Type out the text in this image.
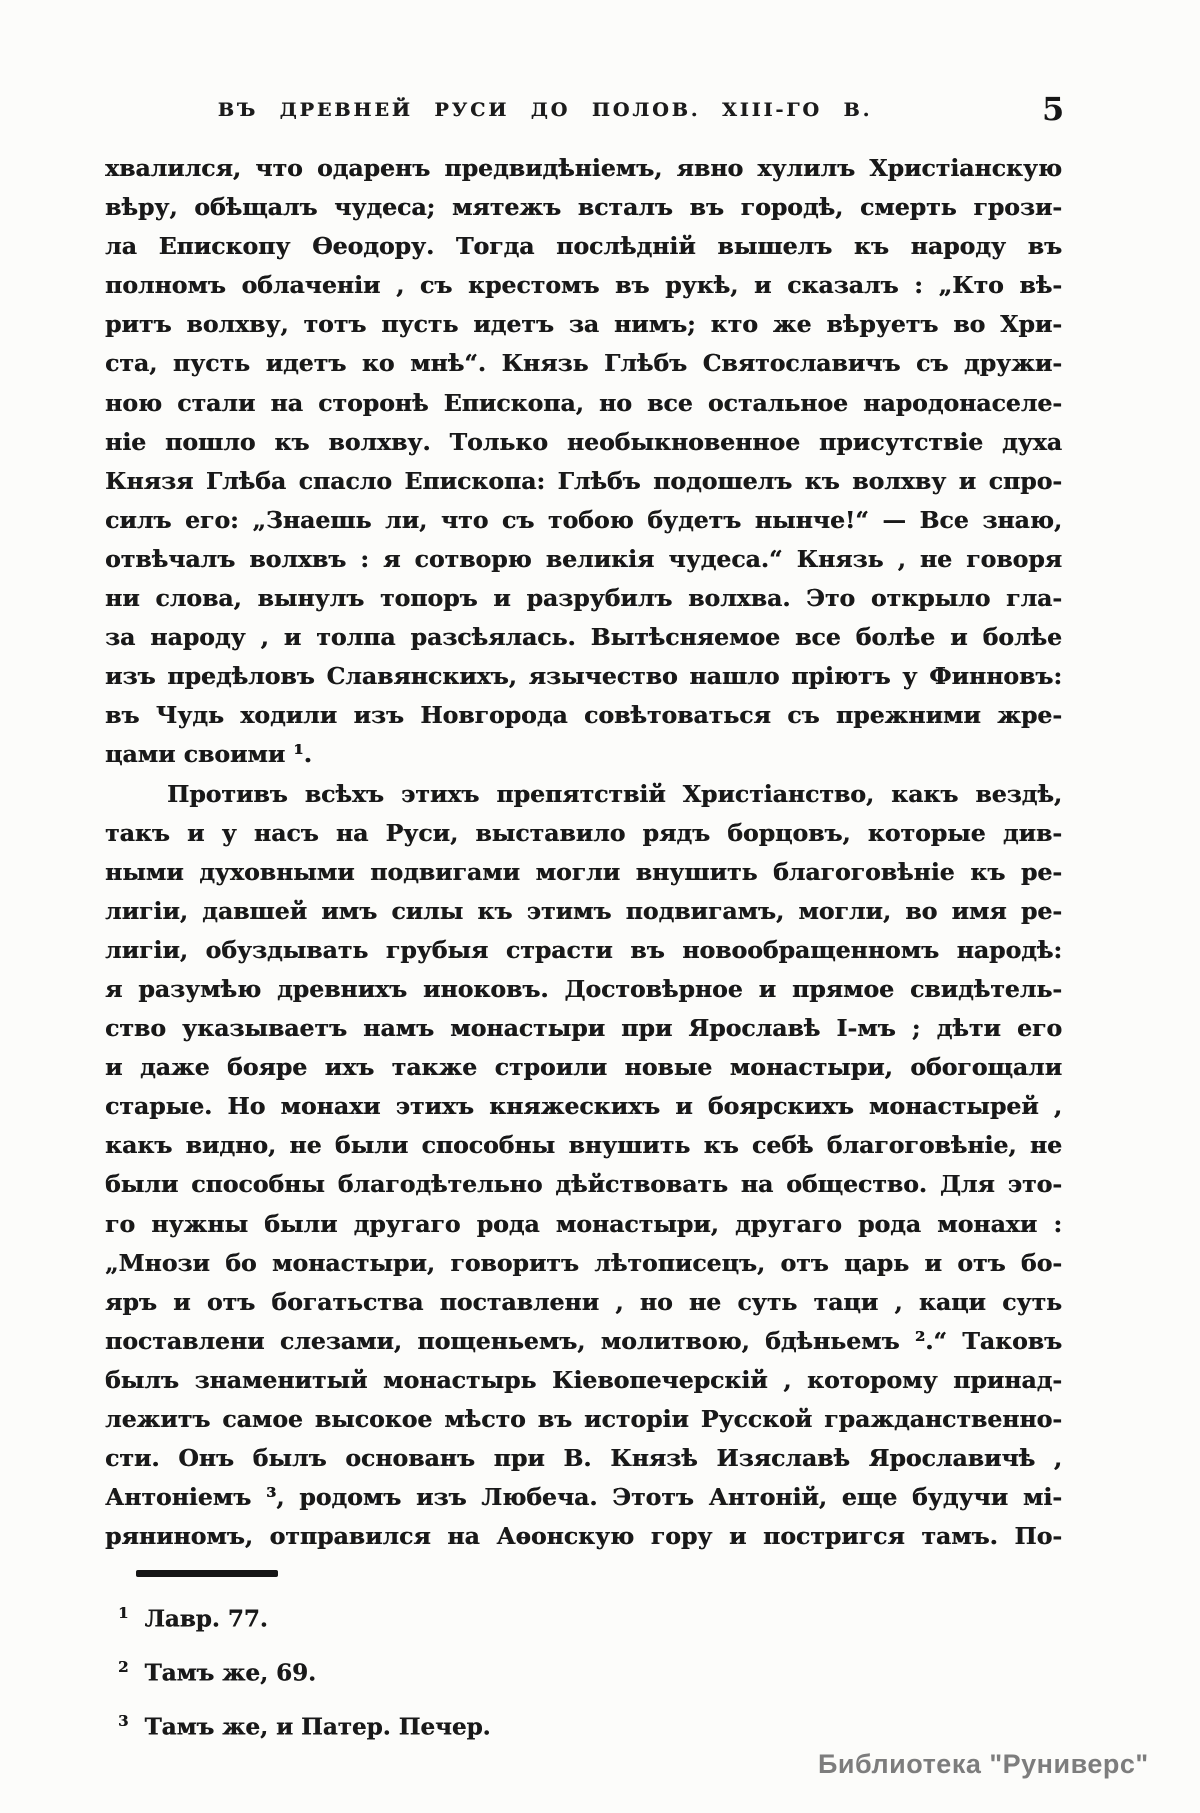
ВЪ ДРЕВНЕЙ РУСИ ДО ПОЛОВ. XIII-ГО В.	5
хвалился, что одаренъ предвидѣніемъ, явно хулилъ Христіанскую
вѣру, обѣщалъ чудеса; мятежъ всталъ въ городѣ, смерть грози-
ла Епископу Ѳеодору. Тогда послѣдній вышелъ къ народу въ
полномъ облаченіи , съ крестомъ въ рукѣ, и сказалъ : „Кто вѣ-
ритъ волхву, тотъ пусть идетъ за нимъ; кто же вѣруетъ во Хри-
ста, пусть идетъ ко мнѣ“. Князь Глѣбъ Святославичъ съ дружи-
ною стали на сторонѣ Епископа, но все остальное народонаселе-
ніе пошло къ волхву. Только необыкновенное присутствіе духа
Князя Глѣба спасло Епископа: Глѣбъ подошелъ къ волхву и спро-
силъ его: „Знаешь ли, что съ тобою будетъ нынче!“ — Все знаю,
отвѣчалъ волхвъ : я сотворю великія чудеса.“ Князь , не говоря
ни слова, вынулъ топоръ и разрубилъ волхва. Это открыло гла-
за народу , и толпа разсѣялась. Вытѣсняемое все болѣе и болѣе
изъ предѣловъ Славянскихъ, язычество нашло пріютъ у Финновъ:
въ Чудь ходили изъ Новгорода совѣтоваться съ прежними жре-
цами своими ¹.
Противъ всѣхъ этихъ препятствій Христіанство, какъ вездѣ,
такъ и у насъ на Руси, выставило рядъ борцовъ, которые див-
ными духовными подвигами могли внушить благоговѣніе къ ре-
лигіи, давшей имъ силы къ этимъ подвигамъ, могли, во имя ре-
лигіи, обуздывать грубыя страсти въ новообращенномъ народѣ:
я разумѣю древнихъ иноковъ. Достовѣрное и прямое свидѣтель-
ство указываетъ намъ монастыри при Ярославѣ I-мъ ; дѣти его
и даже бояре ихъ также строили новые монастыри, обогощали
старые. Но монахи этихъ княжескихъ и боярскихъ монастырей ,
какъ видно, не были способны внушить къ себѣ благоговѣніе, не
были способны благодѣтельно дѣйствовать на общество. Для это-
го нужны были другаго рода монастыри, другаго рода монахи :
„Мнози бо монастыри, говоритъ лѣтописецъ, отъ царь и отъ бо-
яръ и отъ богатьства поставлени , но не суть таци , каци суть
поставлени слезами, пощеньемъ, молитвою, бдѣньемъ ².“ Таковъ
былъ знаменитый монастырь Кіевопечерскій , которому принад-
лежитъ самое высокое мѣсто въ исторіи Русской гражданственно-
сти. Онъ былъ основанъ при В. Князѣ Изяславѣ Ярославичѣ ,
Антоніемъ ³, родомъ изъ Любеча. Этотъ Антоній, еще будучи мі-
ряниномъ, отправился на Аѳонскую гору и постригся тамъ. По-
$^1$ Лавр. 77.
$^2$ Тамъ же, 69.
$^3$ Тамъ же, и Патер. Печер.
Библиотека "Руниверс"
